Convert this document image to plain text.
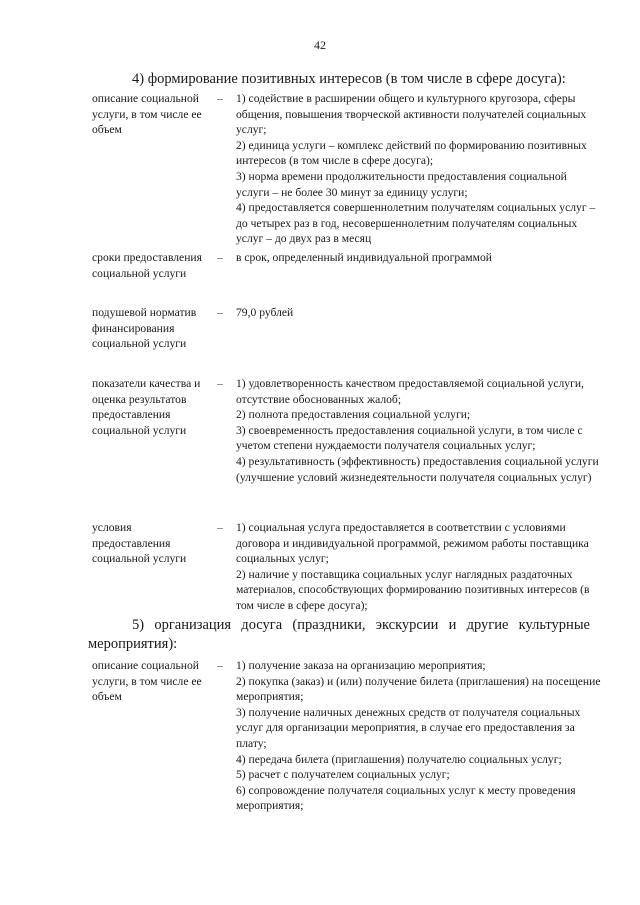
42
4) формирование позитивных интересов (в том числе в сфере досуга):
описание социальной услуги, в том числе ее объем
– 1) содействие в расширении общего и культурного кругозора, сферы общения, повышения творческой активности получателей социальных услуг;
2) единица услуги – комплекс действий по формированию позитивных интересов (в том числе в сфере досуга);
3) норма времени продолжительности предоставления социальной услуги – не более 30 минут за единицу услуги;
4) предоставляется совершеннолетним получателям социальных услуг – до четырех раз в год, несовершеннолетним получателям социальных услуг – до двух раз в месяц
сроки предоставления социальной услуги
– в срок, определенный индивидуальной программой
подушевой норматив финансирования социальной услуги
– 79,0 рублей
показатели качества и оценка результатов предоставления социальной услуги
– 1) удовлетворенность качеством предоставляемой социальной услуги, отсутствие обоснованных жалоб;
2) полнота предоставления социальной услуги;
3) своевременность предоставления социальной услуги, в том числе с учетом степени нуждаемости получателя социальных услуг;
4) результативность (эффективность) предоставления социальной услуги (улучшение условий жизнедеятельности получателя социальных услуг)
условия предоставления социальной услуги
– 1) социальная услуга предоставляется в соответствии с условиями договора и индивидуальной программой, режимом работы поставщика социальных услуг;
2) наличие у поставщика социальных услуг наглядных раздаточных материалов, способствующих формированию позитивных интересов (в том числе в сфере досуга);
5) организация досуга (праздники, экскурсии и другие культурные
мероприятия):
описание социальной услуги, в том числе ее объем
– 1) получение заказа на организацию мероприятия;
2) покупка (заказ) и (или) получение билета (приглашения) на посещение мероприятия;
3) получение наличных денежных средств от получателя социальных услуг для организации мероприятия, в случае его предоставления за плату;
4) передача билета (приглашения) получателю социальных услуг;
5) расчет с получателем социальных услуг;
6) сопровождение получателя социальных услуг к месту проведения мероприятия;
